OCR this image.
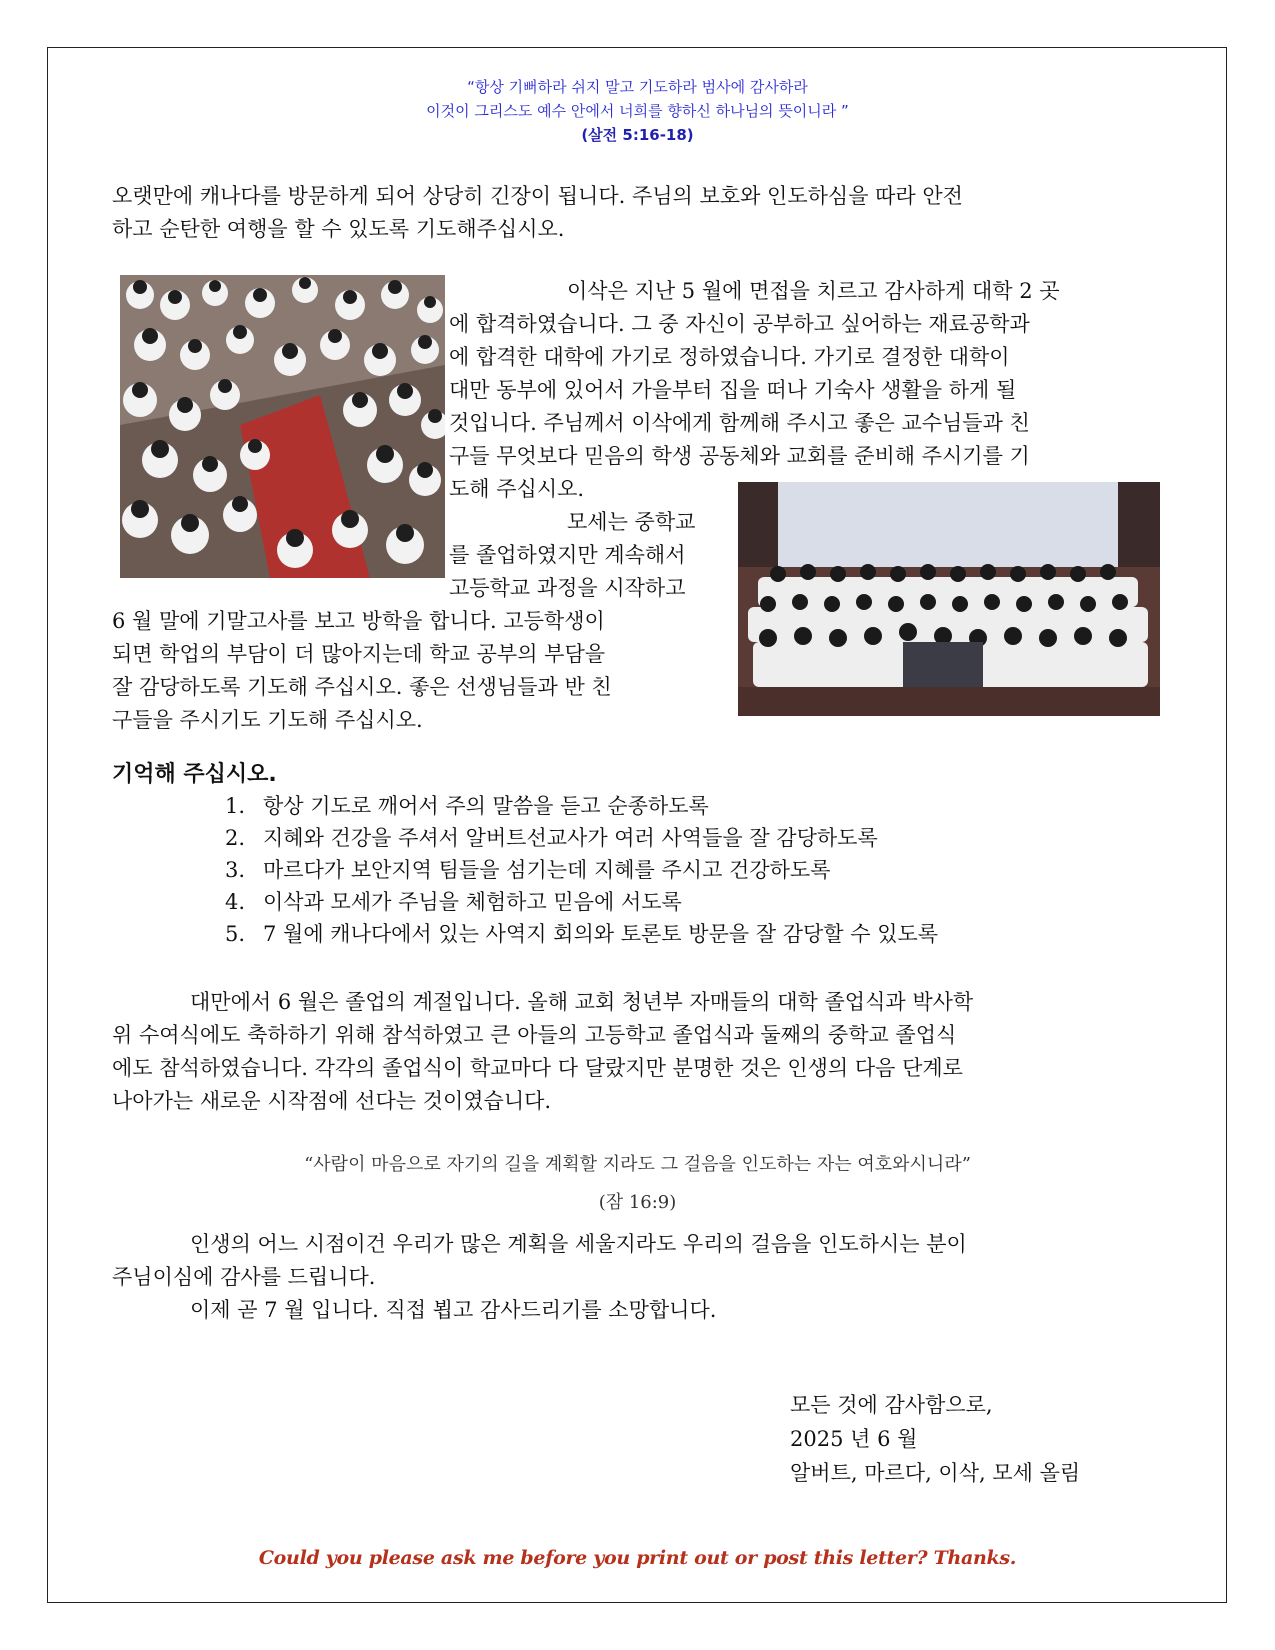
“항상 기뻐하라 쉬지 말고 기도하라 범사에 감사하라
이것이 그리스도 예수 안에서 너희를 향하신 하나님의 뜻이니라 ”
(살전 5:16-18)
오랫만에 캐나다를 방문하게 되어 상당히 긴장이 됩니다. 주님의 보호와 인도하심을 따라 안전
하고 순탄한 여행을 할 수 있도록 기도해주십시오.
이삭은 지난 5 월에 면접을 치르고 감사하게 대학 2 곳
에 합격하였습니다. 그 중 자신이 공부하고 싶어하는 재료공학과
에 합격한 대학에 가기로 정하였습니다. 가기로 결정한 대학이
대만 동부에 있어서 가을부터 집을 떠나 기숙사 생활을 하게 될
것입니다. 주님께서 이삭에게 함께해 주시고 좋은 교수님들과 친
구들 무엇보다 믿음의 학생 공동체와 교회를 준비해 주시기를 기
도해 주십시오.
모세는 중학교
를 졸업하였지만 계속해서
고등학교 과정을 시작하고
6 월 말에 기말고사를 보고 방학을 합니다. 고등학생이
되면 학업의 부담이 더 많아지는데 학교 공부의 부담을
잘 감당하도록 기도해 주십시오. 좋은 선생님들과 반 친
구들을 주시기도 기도해 주십시오.
기억해 주십시오.
1. 항상 기도로 깨어서 주의 말씀을 듣고 순종하도록
2. 지혜와 건강을 주셔서 알버트선교사가 여러 사역들을 잘 감당하도록
3. 마르다가 보안지역 팀들을 섬기는데 지혜를 주시고 건강하도록
4. 이삭과 모세가 주님을 체험하고 믿음에 서도록
5. 7 월에 캐나다에서 있는 사역지 회의와 토론토 방문을 잘 감당할 수 있도록
대만에서 6 월은 졸업의 계절입니다. 올해 교회 청년부 자매들의 대학 졸업식과 박사학
위 수여식에도 축하하기 위해 참석하였고 큰 아들의 고등학교 졸업식과 둘째의 중학교 졸업식
에도 참석하였습니다. 각각의 졸업식이 학교마다 다 달랐지만 분명한 것은 인생의 다음 단계로
나아가는 새로운 시작점에 선다는 것이였습니다.
“사람이 마음으로 자기의 길을 계획할 지라도 그 걸음을 인도하는 자는 여호와시니라”
(잠 16:9)
인생의 어느 시점이건 우리가 많은 계획을 세울지라도 우리의 걸음을 인도하시는 분이
주님이심에 감사를 드립니다.
이제 곧 7 월 입니다. 직접 뵙고 감사드리기를 소망합니다.
모든 것에 감사함으로,
2025 년 6 월
알버트, 마르다, 이삭, 모세 올림
Could you please ask me before you print out or post this letter? Thanks.
